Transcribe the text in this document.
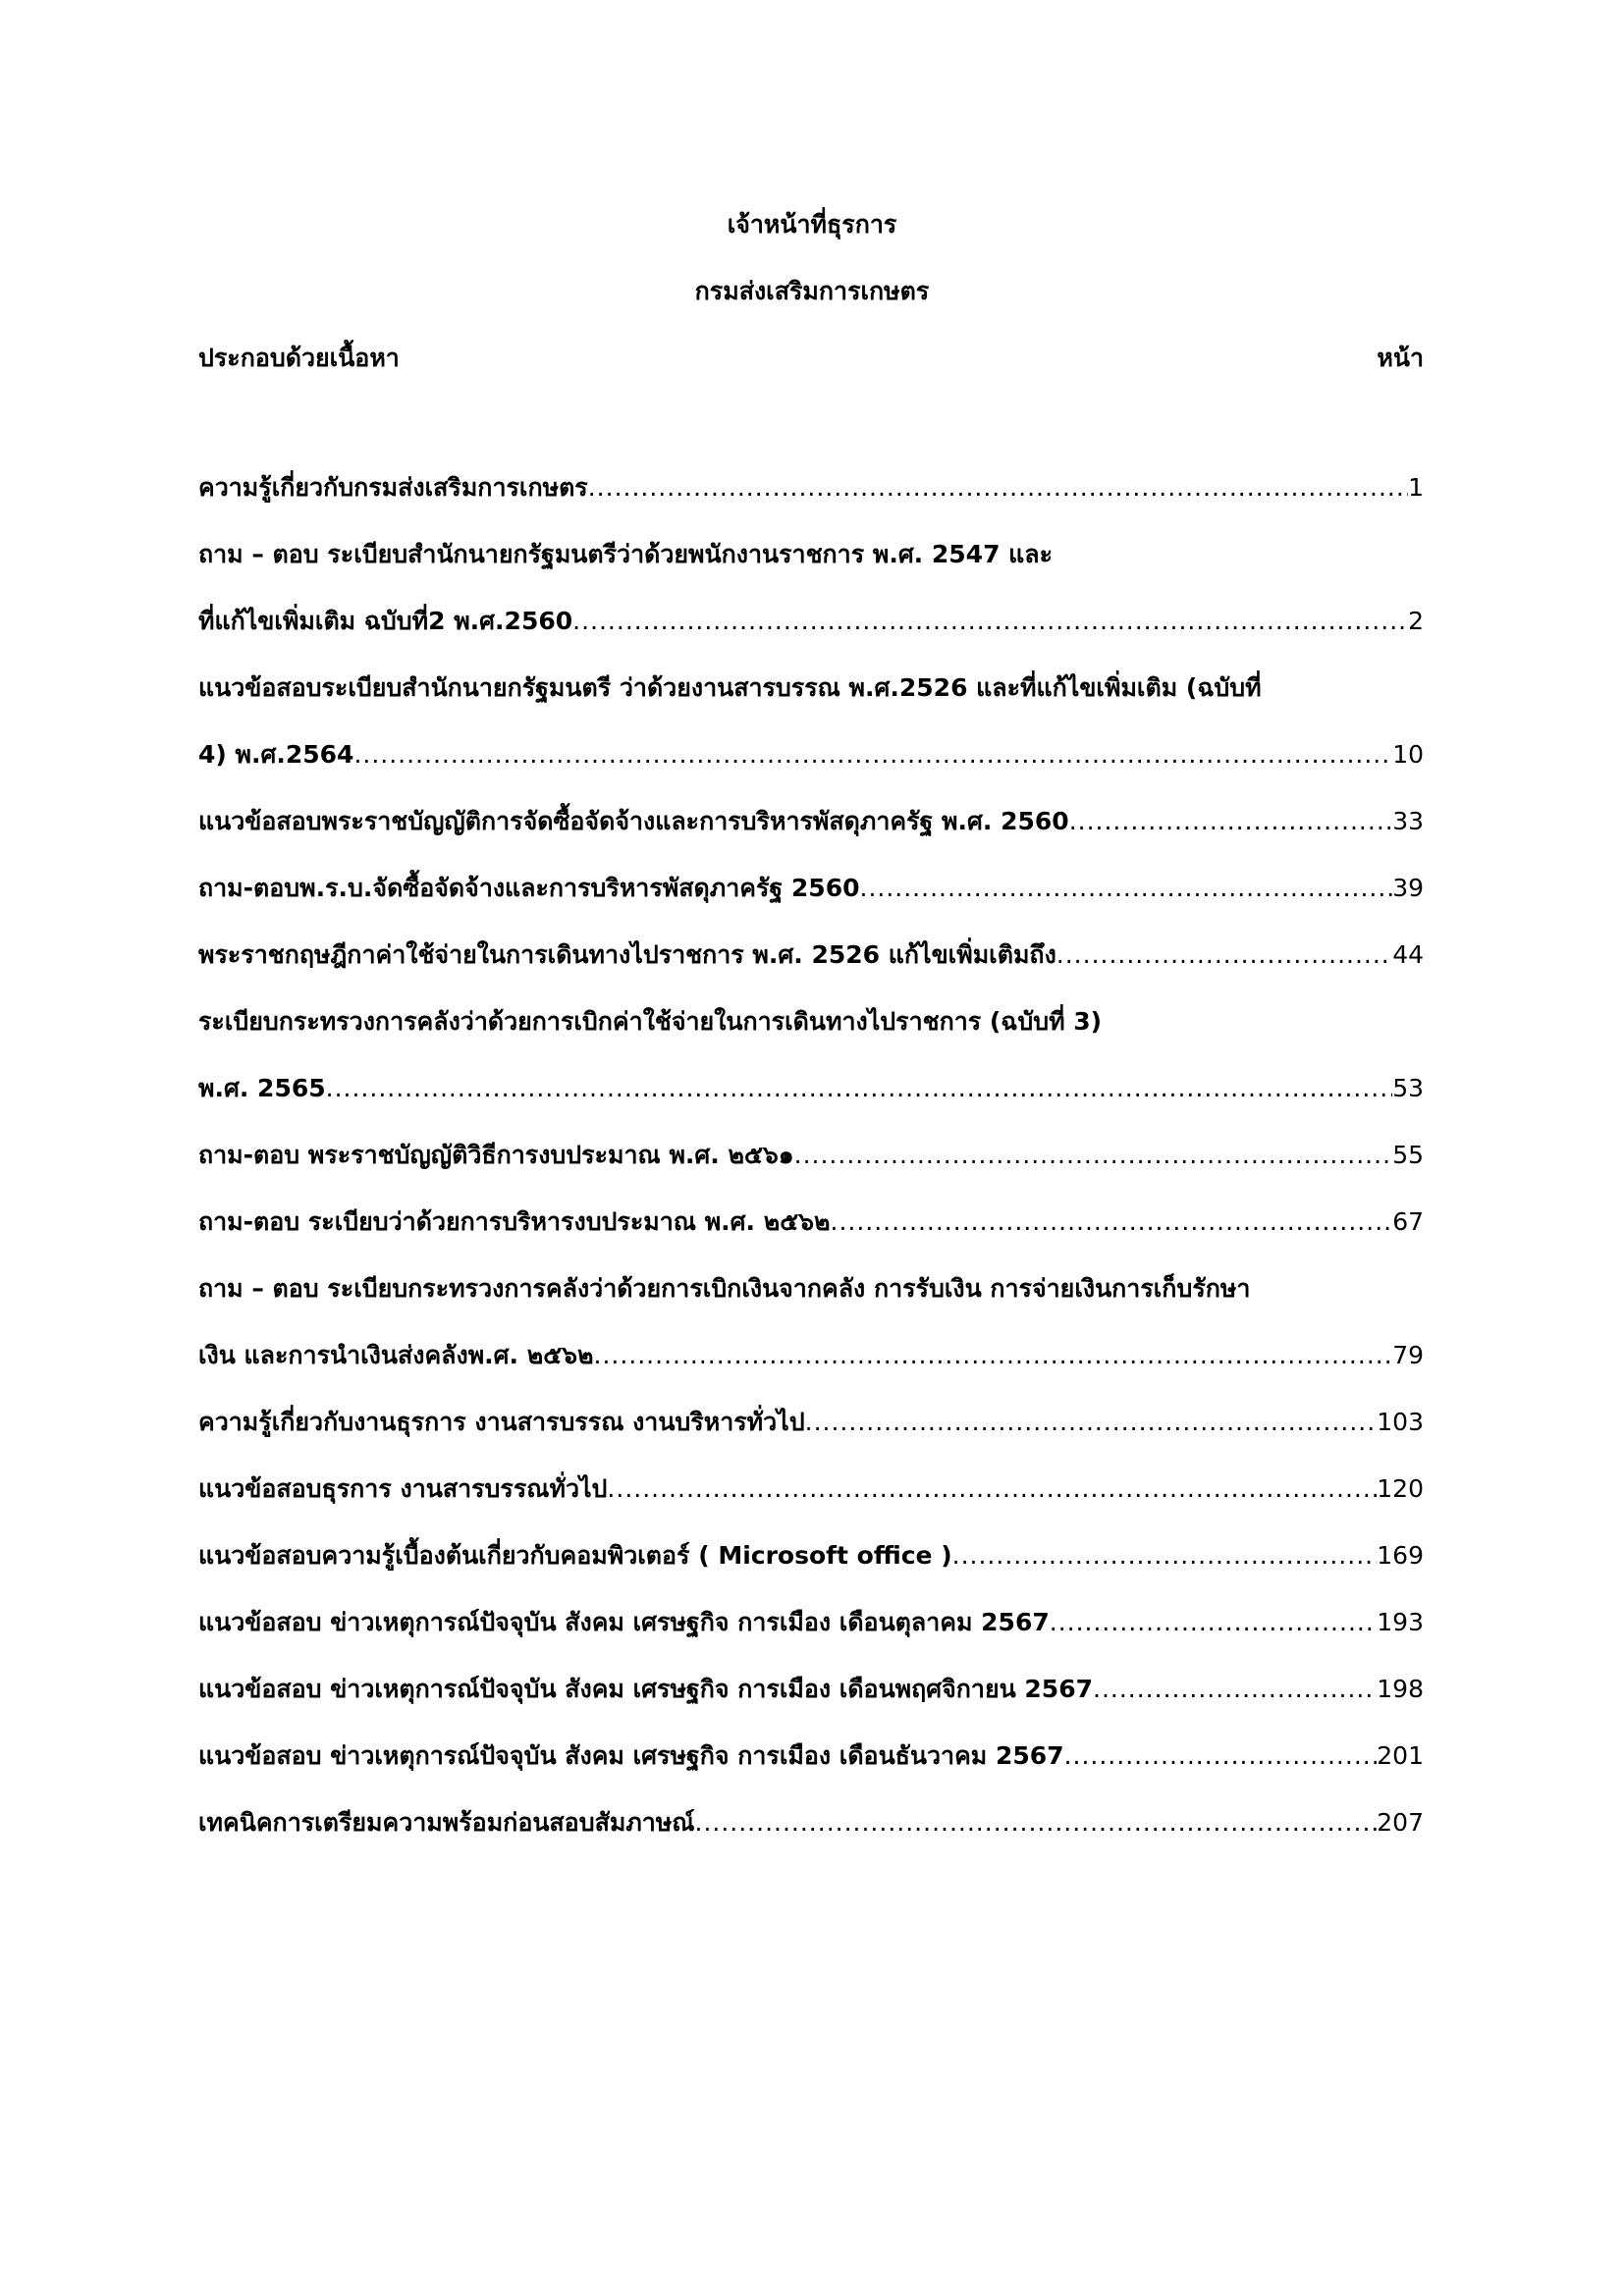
เจ้าหน้าที่ธุรการ
กรมส่งเสริมการเกษตร
ประกอบด้วยเนื้อหา	หน้า
ความรู้เกี่ยวกับกรมส่งเสริมการเกษตร .....	1
ถาม – ตอบ ระเบียบสำนักนายกรัฐมนตรีว่าด้วยพนักงานราชการ พ.ศ. 2547 และ
ที่แก้ไขเพิ่มเติม ฉบับที่2 พ.ศ.2560 .....	2
แนวข้อสอบระเบียบสำนักนายกรัฐมนตรี ว่าด้วยงานสารบรรณ พ.ศ.2526 และที่แก้ไขเพิ่มเติม (ฉบับที่
4) พ.ศ.2564 .....	10
แนวข้อสอบพระราชบัญญัติการจัดซื้อจัดจ้างและการบริหารพัสดุภาครัฐ พ.ศ. 2560 .....	33
ถาม-ตอบพ.ร.บ.จัดซื้อจัดจ้างและการบริหารพัสดุภาครัฐ 2560 .....	39
พระราชกฤษฎีกาค่าใช้จ่ายในการเดินทางไปราชการ พ.ศ. 2526 แก้ไขเพิ่มเติมถึง .....	44
ระเบียบกระทรวงการคลังว่าด้วยการเบิกค่าใช้จ่ายในการเดินทางไปราชการ (ฉบับที่ 3)
พ.ศ. 2565 .....	53
ถาม-ตอบ พระราชบัญญัติวิธีการงบประมาณ พ.ศ. ๒๕๖๑ .....	55
ถาม-ตอบ ระเบียบว่าด้วยการบริหารงบประมาณ พ.ศ. ๒๕๖๒ .....	67
ถาม – ตอบ ระเบียบกระทรวงการคลังว่าด้วยการเบิกเงินจากคลัง การรับเงิน การจ่ายเงินการเก็บรักษา
เงิน และการนำเงินส่งคลังพ.ศ. ๒๕๖๒ .....	79
ความรู้เกี่ยวกับงานธุรการ งานสารบรรณ งานบริหารทั่วไป .....	103
แนวข้อสอบธุรการ งานสารบรรณทั่วไป .....	120
แนวข้อสอบความรู้เบื้องต้นเกี่ยวกับคอมพิวเตอร์ ( Microsoft office ) .....	169
แนวข้อสอบ ข่าวเหตุการณ์ปัจจุบัน สังคม เศรษฐกิจ การเมือง เดือนตุลาคม 2567 .....	193
แนวข้อสอบ ข่าวเหตุการณ์ปัจจุบัน สังคม เศรษฐกิจ การเมือง เดือนพฤศจิกายน 2567 .....	198
แนวข้อสอบ ข่าวเหตุการณ์ปัจจุบัน สังคม เศรษฐกิจ การเมือง เดือนธันวาคม 2567 .....	201
เทคนิคการเตรียมความพร้อมก่อนสอบสัมภาษณ์ .....	207
